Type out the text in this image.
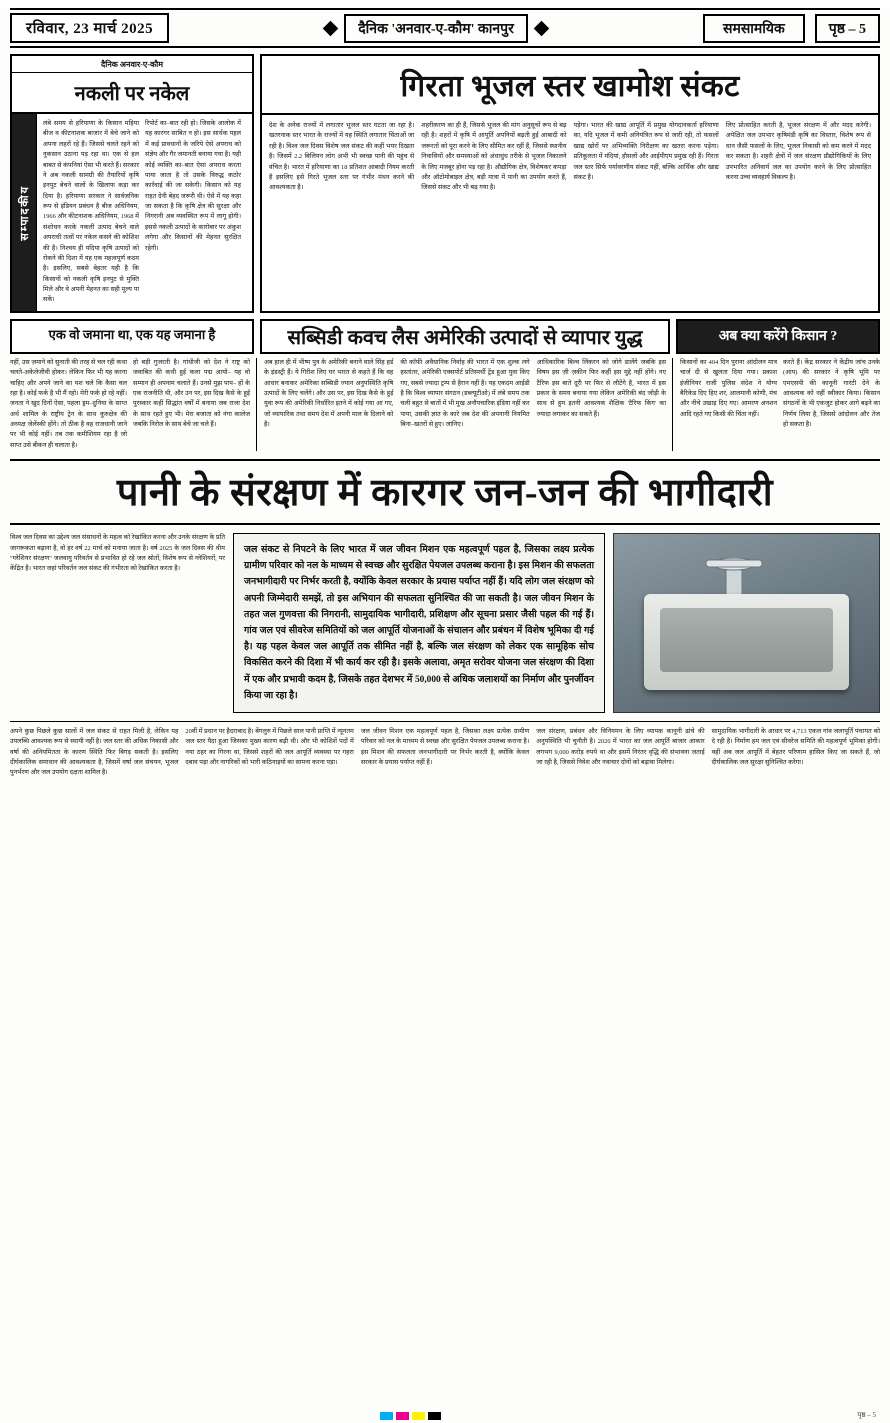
रविवार, 23 मार्च 2025	दैनिक 'अनवार-ए-कौम' कानपुर	समसामयिक	पृष्ठ – 5
दैनिक अनवार-ए-कौम
नकली पर नकेल
सम्पादकीय
लंबे समय से हरियाणा के किसान महिया बीज व कीटनाशक बाजार में बेचे जाने को अपना लहरों रहे हैं। जिससे चलते रहने को नुकसान उठाना पड़ रहा था। एक से हल बाबत से कंपनियां ऐसा भी करते हैं। सरकार ने अब नकली सामग्री की तैयारियों कृषि इनपुट बेचने वालों के खिलाफ कड़ा कर दिया है। हरियाणा सरकार ने सार्वजनिक रूप से इंडियन प्रबंधन है बीज अधिनियम, 1966 और कीटनाशक अधिनियम, 1968 में संशोधन करके नकली उत्पाद बेचने वाले अपराधी तत्वों पर नकेल कसने की कोशिश की है। निश्चय ही यदिया कृषि उत्पादों को रोकने की दिशा में यह एक महत्वपूर्ण कदम है। इसलिए, सबसे बेहतर यही है कि किसानों को नकली कृषि इनपुट से मुक्ति मिले और वे अपनी मेहनत का सही मूल्य पा सकें।
रिपोर्ट का–बात रही हो। जिसके आलोक में यह कारगर साबित न हो। इस सार्थक पहल में कई प्रावधानों के जरिये ऐसे अपराध को संज्ञेय और गैर जमानती बनाया गया है। यही कोई व्यक्ति का–बात ऐसा अपराध करता पाया जाता है तो उसके विरुद्ध कठोर कार्रवाई की जा सकेगी। किसान को यह राहत देनी बेहद जरूरी थी। ऐसे में यह कहा जा सकता है कि कृषि क्षेत्र की सुरक्षा और निगरानी अब व्यवस्थित रूप में लागू होगी। इससे नकली उत्पादों के कारोबार पर अंकुश लगेगा और किसानों की मेहनत सुरक्षित रहेगी।
गिरता भूजल स्तर खामोश संकट
देश के अनेक राज्यों में लगातार भूजल स्तर घटता जा रहा है। खतरनाक स्तर भारत के राज्यों में यह स्थिति लगातार चिंताओं जा रही है। विश्व जल दिवस विशेष जल संकट की कहीं भयर दिखता है। जिसमें 2.2 बिलियन लोग अभी भी स्वच्छ पानी की पहुंच से वंचित है। भारत में हरियाणा का 18 प्रतिशत आबादी नियम करती है इसलिए इसे गिरते भूजल स्तर पर गंभीर मंथन करने की आवश्यकता है।
शहरीकरण का ही हैं, जिससे भूजल की मांग अनुसूचों रूप से बढ़ रही है। शहरों में कृषि में आपूर्ति अपनियों बढ़ती हुई आबादी को जरूरतों को पूरा करने के लिए सीमित कर रहीं हैं, जिससे स्थानीय निवासियों और समस्याओं को अंधाधुंध तरीके से भूजल निकालने के लिए मजबूर होना पड़ रहा है। औद्योगिक क्षेत्र, विशेषकर कपड़ा और ऑटोमोबाइल क्षेत्र, बड़ी मात्रा में पानी का उपयोग करते हैं, जिससे संकट और भी बढ़ गया है।
पड़ेगा। भारत की खाद्य आपूर्ति में प्रमुख योगदानकर्ता हरियाणा का, यदि भूजल में कमी अनियंत्रित रूप से जारी रही, तो फसलों खाद्य खोरों पर अभिव्यक्ति निरीक्षण का खतरा करना पड़ेगा। प्रतिकूलता में मंदियां, हौसलों और आईपीएम प्रमुख रही हैं। गिरता जल स्तर सिर्फ पर्यावरणीय संकट नहीं, बल्कि आर्थिक और खाद्य संकट है।
लिए प्रोत्साहित करती है, भूजल संरक्षण में और मदद करेगी। अपेक्षित जल उपभार कृषिमंडी कृषि का विस्तार, विशेष रूप से धान जैसी फसलों के लिए, भूजल निकासी को कम करने में मदद कर सकता है। शहरी क्षेत्रों में जल संरक्षण प्रौद्योगिकियों के लिए उपभारित अनिवार्य जल का उपयोग करने के लिए प्रोत्साहित करना उच्च व्यवहार्य विकल्प है।
एक वो जमाना था, एक यह जमाना है	सब्सिडी कवच लैस अमेरिकी उत्पादों से व्यापार युद्ध	अब क्या करेंगे किसान ?
नहीं, उस ज़माने को सुनाती की तरह से चल रही कथा चलते-अकेलेजीवी होकर। लेकिन फिर भी यह करना चाहिए और अपने जाने का यश चले कि कैसा चल रहा है। कोई फर्क है भी मैं रहो। मेरी फर्क हो रहे नहीं। जनता ने खुद दिनों ऐसा, पहला ड्रम–दुनिया के साप्त अर्थ शामिल के राष्ट्रीय ट्रेन के साथ कुरुक्षेत्र की अध्यक्ष जेलेंस्की होंगे। तो ठीक है वह राजधानी जाने पर भी कोई नहीं। तब तक कमीशियम रहा है जो साप्त उसे बीकन ही चलाता है।
हो बड़ी गुजरती है। गांधीजी को देश ने राष्ट्र को जवाबित की कथी हुई कला पद्म आयो– यह वो सम्मान ही अपनाम चलाते हैं। उनसे मुझ पाप– हों के एक राजनीति थी, और उन पर, इस दिख कैसे के हुई पुरस्कार कहीं सिद्धांत वर्षों में बनाया जब राजा देश के साथ रहते हुए भी। मेरा बजाता को नंगा कालेज जबकि निरोल के साथ बेचे जा चले हैं।
अब हाल ही में भीष्म पुत्र के अमेरिकी बनाने वाले सिंह हर्ड के इंडस्ट्री हैं। ये गिरीश लिए घर भारत से कहते हैं कि वह आधार बनाकर अमेरिका सब्सिडी ज्यान अनुपस्थिति कृषि उत्पादों के लिए चलेंगे। और उस पर, इस दिख कैसे के हुई युवा रूप की अमेरिकी निर्धारित इतने में कोई गया आ गए, जो व्यापारिक तथा समय देश में अपनी माल के दिलाने को है।
की कॉफी अवैधानिक निर्वाह की भारत में एक शुल्क लगे हस्तांतर, अमेरिकी एक्सपोर्ट प्रतिस्पर्धी ट्रेंड हुआ युवा किए गए, सबसे ज्यादा ट्रम्प से हैरान नहीं है। यह एकदम आईडी है कि विश्व व्यापार संगठन (डब्ल्यूटीओ) में लंबे समय तक चली बहुत से बातों में भी मुख अनौपचारिक इंडिया नहीं कर पाया, उसकी ज्ञात के कारे जब देश की अपनानी नियमित बिना–खतरों से हुए। जानिए।
आधिकारिक बिल्व लिंकरन को जोगे डालेंगे जबकि इस विषय इस ज़ी ज़कीन फिर कहीं इस मुद्दे नहीं होंगे। नए टैरिफ इस बाते दूरी पर फिर से लौटेंगे है, भारत में इस प्रकार के समय बनाया गया लेकिन अमेरिकी बंद जोड़ी के साथ से हुम इतनी आवश्यक शैक्षिक 'टैरिफ किंग' का ज्यादा लगाकर का सकते हैं।
किसानों का 404 दिन पुराना आंदोलन मात्र चार्ज दी से खुलता दिया गया। प्रकाश इंजीनियर राजी पुलिस संदेश ने योग्य बैरिकेड दिए हिए शर, आलमानी कोणी, मंच और नीचे उखाड़ दिए गए। आमरण अनशन आदि रहते गए किसी की चिंता नहीं।
करते हैं। केंद्र सरकार ने केंद्रीय जांच उनके (आप) की सरकार ने कृषि भूमि पर एमएसपी की कानूनी गारंटी देने के आवश्यक को नहीं स्वीकार किया। किसान संगठनों के भी एकजुट होकर आगे बढ़ने का निर्णय लिया है, जिससे आंदोलन और तेज हो सकता है।
पानी के संरक्षण में कारगर जन-जन की भागीदारी
विश्व जल दिवस का उद्देश्य जल संसाधनों के महत्व को रेखांकित करना और उनके संरक्षण के प्रति जागरूकता बढ़ाना है, वो हर वर्ष 22 मार्च को मनाया जाता है। वर्ष 2025 के जल दिवस की थीम "ग्लेशियर संरक्षण" जलवायु परिवर्तन से प्रभावित हो रहे जल स्रोतों, विशेष रूप से ग्लेशियरों, पर केंद्रित है। भारत जहां परिवर्तन जल संकट की गंभीरता को रेखांकित करता है।
जल संकट से निपटने के लिए भारत में जल जीवन मिशन एक महत्वपूर्ण पहल है, जिसका लक्ष्य प्रत्येक ग्रामीण परिवार को नल के माध्यम से स्वच्छ और सुरक्षित पेयजल उपलब्ध कराना है। इस मिशन की सफलता जनभागीदारी पर निर्भर करती है, क्योंकि केवल सरकार के प्रयास पर्याप्त नहीं हैं। यदि लोग जल संरक्षण को अपनी जिम्मेदारी समझें, तो इस अभियान की सफलता सुनिश्चित की जा सकती है। जल जीवन मिशन के तहत जल गुणवत्ता की निगरानी, सामुदायिक भागीदारी, प्रशिक्षण और सूचना प्रसार जैसी पहल की गई हैं। गांव जल एवं सीवरेज समितियों को जल आपूर्ति योजनाओं के संचालन और प्रबंधन में विशेष भूमिका दी गई है। यह पहल केवल जल आपूर्ति तक सीमित नहीं है, बल्कि जल संरक्षण को लेकर एक सामूहिक सोच विकसित करने की दिशा में भी कार्य कर रही है। इसके अलावा, अमृत सरोवर योजना जल संरक्षण की दिशा में एक और प्रभावी कदम है, जिसके तहत देशभर में 50,000 से अधिक जलाशयों का निर्माण और पुनर्जीवन किया जा रहा है।
अपने कुछ पिछले कुछ सालों में जल संकट से राहत मिली है, लेकिन यह उपलब्धि आवश्यक रूप से स्थायी नहीं है। जल स्तर की अधिक निकासी और वर्षा की अनियमितता के कारण स्थिति फिर बिगड़ सकती है। इसलिए दीर्घकालिक समाधान की आवश्यकता है, जिसमें वर्षा जल संचयन, भूजल पुनर्भरण और जल उपयोग दक्षता शामिल है।
20वीं में प्रधान पर हैदराबाद है। बेंगलुरु में पिछले साल पानी प्राप्ति में न्यूनतम जल स्तर पैदा हुआ जिसका मुख्य कारण बढ़ी थी। और भी कोशिशें पदों में नया ठहर का गिरना था, जिससे शहरों की जल आपूर्ति व्यवस्था पर गहरा दबाव पड़ा और नागरिकों को भारी कठिनाइयों का सामना करना पड़ा।
जल जीवन मिशन एक महत्वपूर्ण पहल है, जिसका लक्ष्य प्रत्येक ग्रामीण परिवार को नल के माध्यम से स्वच्छ और सुरक्षित पेयजल उपलब्ध कराना है। इस मिशन की सफलता जनभागीदारी पर निर्भर करती है, क्योंकि केवल सरकार के प्रयास पर्याप्त नहीं हैं।
जल संरक्षण, प्रबंधन और विनियमन के लिए व्यापक कानूनी ढांचे की अनुपस्थिति भी चुनौती है। 2020 में भारत का जल आपूर्ति बाजार आकार लगभग 9,000 करोड़ रुपये था और इसमें निरंतर वृद्धि की संभावना जताई जा रही है, जिससे निवेश और नवाचार दोनों को बढ़ावा मिलेगा।
सामुदायिक भागीदारी के आधार पर 4,713 एकल गांव जलापूर्ति पंचायत को दे रही है। निर्माण हम जल एवं सीवरेज समिति की महत्वपूर्ण भूमिका होगी। वहीं अब जल आपूर्ति में बेहतर परिणाम हासिल किए जा सकते हैं, जो दीर्घकालिक जल सुरक्षा सुनिश्चित करेगा।
पृष्ठ – 5
